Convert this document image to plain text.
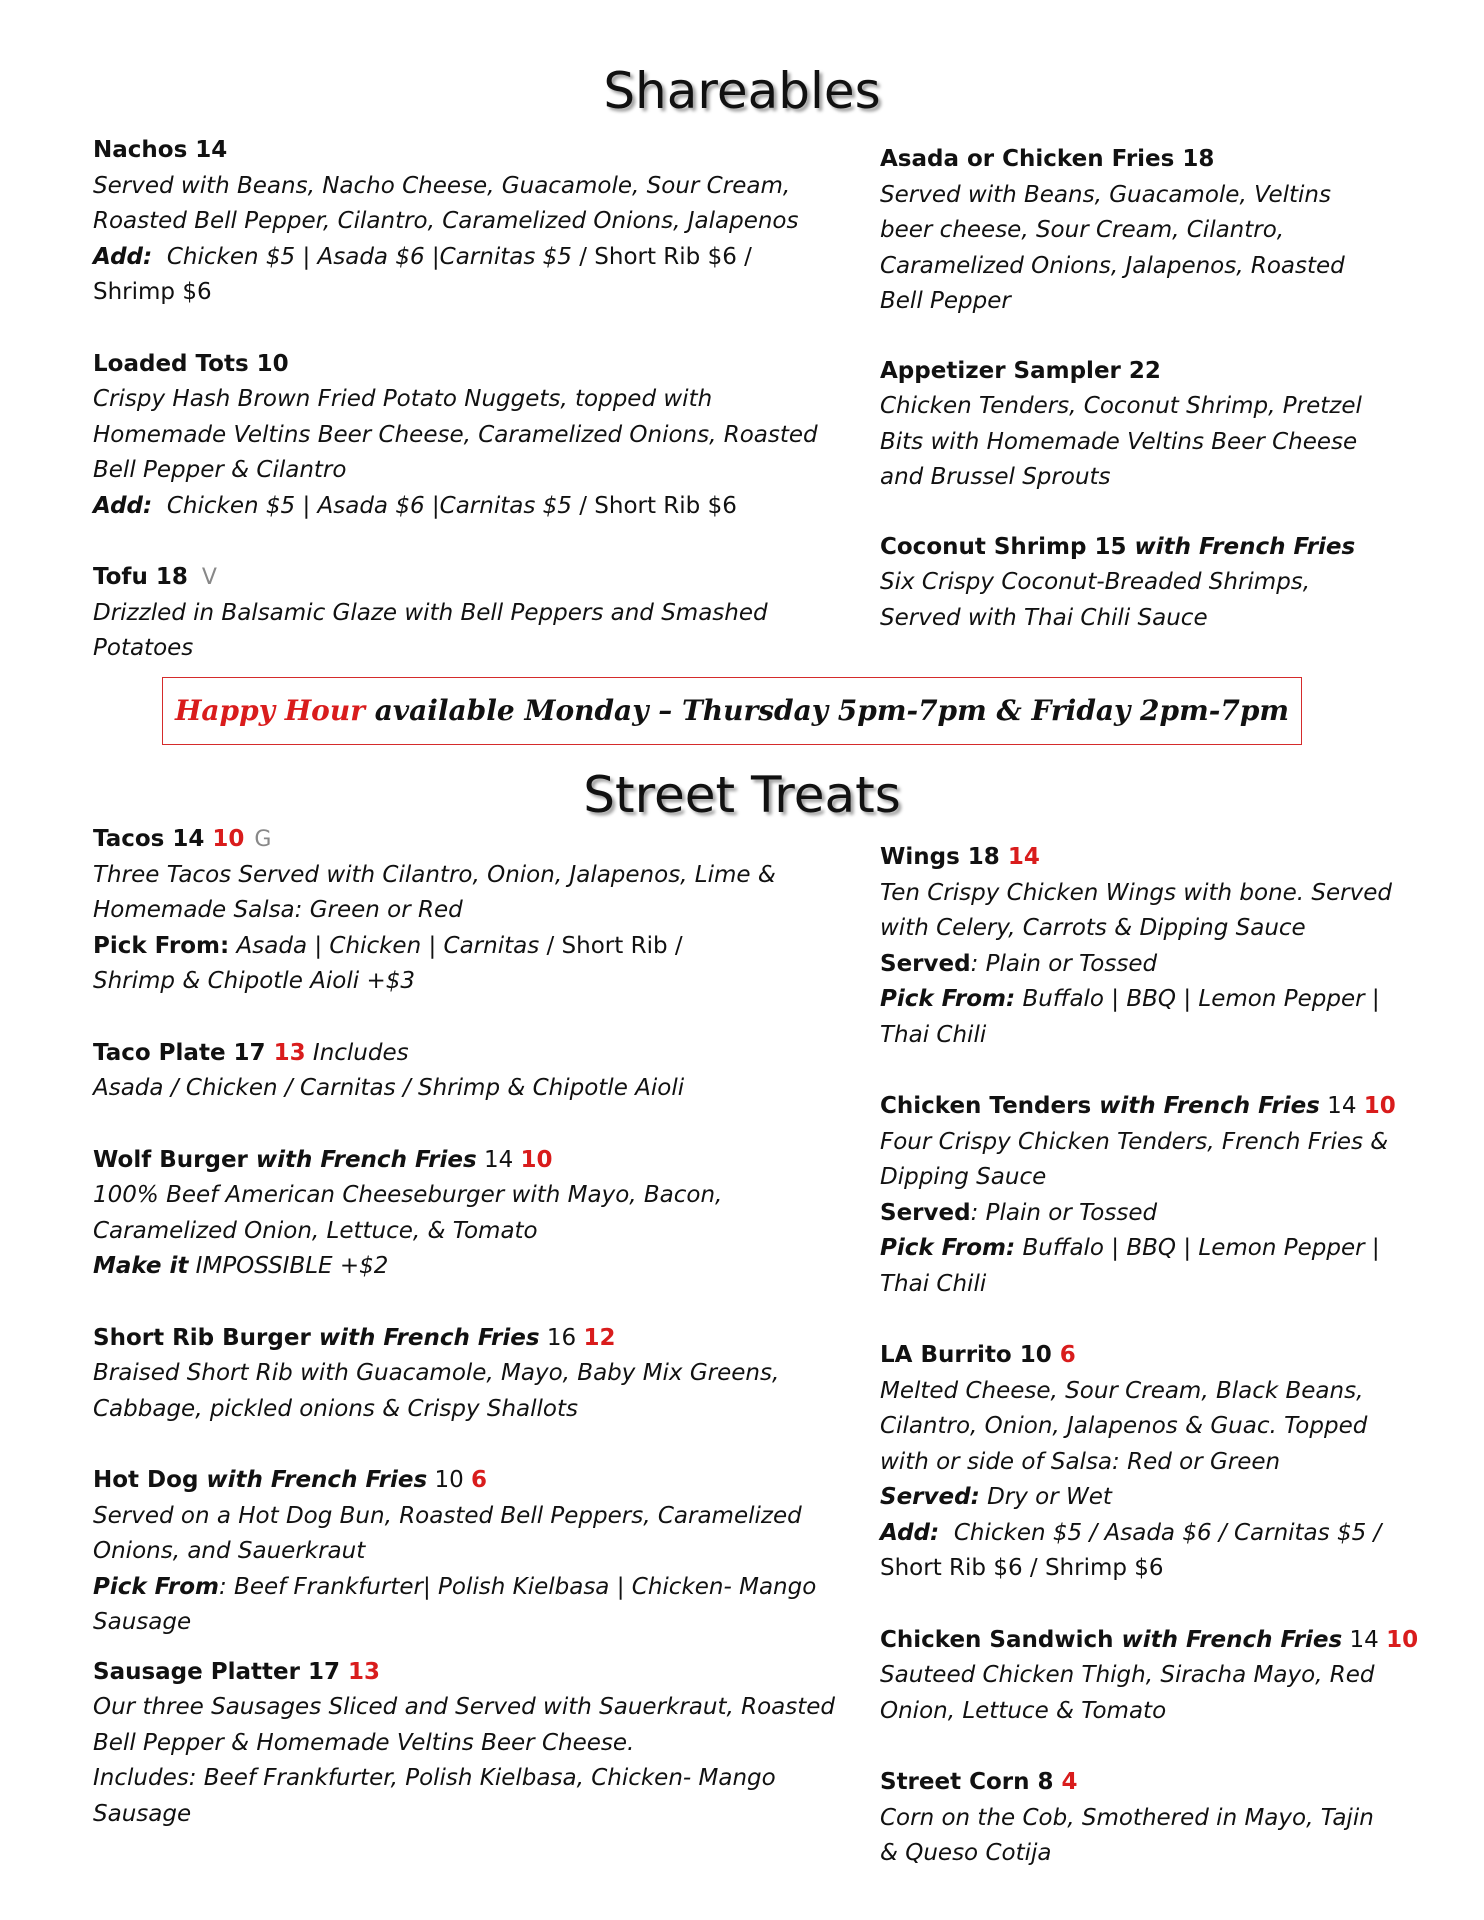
Shareables
Nachos 14
Served with Beans, Nacho Cheese, Guacamole, Sour Cream,
Roasted Bell Pepper, Cilantro, Caramelized Onions, Jalapenos
Add:  Chicken $5 | Asada $6 |Carnitas $5 / Short Rib $6 /
Shrimp $6
Loaded Tots 10
Crispy Hash Brown Fried Potato Nuggets, topped with
Homemade Veltins Beer Cheese, Caramelized Onions, Roasted
Bell Pepper & Cilantro
Add:  Chicken $5 | Asada $6 |Carnitas $5 / Short Rib $6
Tofu 18 V
Drizzled in Balsamic Glaze with Bell Peppers and Smashed
Potatoes
Asada or Chicken Fries 18
Served with Beans, Guacamole, Veltins
beer cheese, Sour Cream, Cilantro,
Caramelized Onions, Jalapenos, Roasted
Bell Pepper
Appetizer Sampler 22
Chicken Tenders, Coconut Shrimp, Pretzel
Bits with Homemade Veltins Beer Cheese
and Brussel Sprouts
Coconut Shrimp 15 with French Fries
Six Crispy Coconut-Breaded Shrimps,
Served with Thai Chili Sauce
Happy Hour available Monday – Thursday 5pm-7pm & Friday 2pm-7pm
Street Treats
Tacos 14 10 G
Three Tacos Served with Cilantro, Onion, Jalapenos, Lime &
Homemade Salsa: Green or Red
Pick From: Asada | Chicken | Carnitas / Short Rib /
Shrimp & Chipotle Aioli +$3
Taco Plate 17 13 Includes
Asada / Chicken / Carnitas / Shrimp & Chipotle Aioli
Wolf Burger with French Fries 14 10
100% Beef American Cheeseburger with Mayo, Bacon,
Caramelized Onion, Lettuce, & Tomato
Make it IMPOSSIBLE +$2
Short Rib Burger with French Fries 16 12
Braised Short Rib with Guacamole, Mayo, Baby Mix Greens,
Cabbage, pickled onions & Crispy Shallots
Hot Dog with French Fries 10 6
Served on a Hot Dog Bun, Roasted Bell Peppers, Caramelized
Onions, and Sauerkraut
Pick From: Beef Frankfurter| Polish Kielbasa | Chicken- Mango
Sausage
Sausage Platter 17 13
Our three Sausages Sliced and Served with Sauerkraut, Roasted
Bell Pepper & Homemade Veltins Beer Cheese.
Includes: Beef Frankfurter, Polish Kielbasa, Chicken- Mango
Sausage
Wings 18 14
Ten Crispy Chicken Wings with bone. Served
with Celery, Carrots & Dipping Sauce
Served: Plain or Tossed
Pick From: Buffalo | BBQ | Lemon Pepper |
Thai Chili
Chicken Tenders with French Fries 14 10
Four Crispy Chicken Tenders, French Fries &
Dipping Sauce
Served: Plain or Tossed
Pick From: Buffalo | BBQ | Lemon Pepper |
Thai Chili
LA Burrito 10 6
Melted Cheese, Sour Cream, Black Beans,
Cilantro, Onion, Jalapenos & Guac. Topped
with or side of Salsa: Red or Green
Served: Dry or Wet
Add:  Chicken $5 / Asada $6 / Carnitas $5 /
Short Rib $6 / Shrimp $6
Chicken Sandwich with French Fries 14 10
Sauteed Chicken Thigh, Siracha Mayo, Red
Onion, Lettuce & Tomato
Street Corn 8 4
Corn on the Cob, Smothered in Mayo, Tajin
& Queso Cotija
